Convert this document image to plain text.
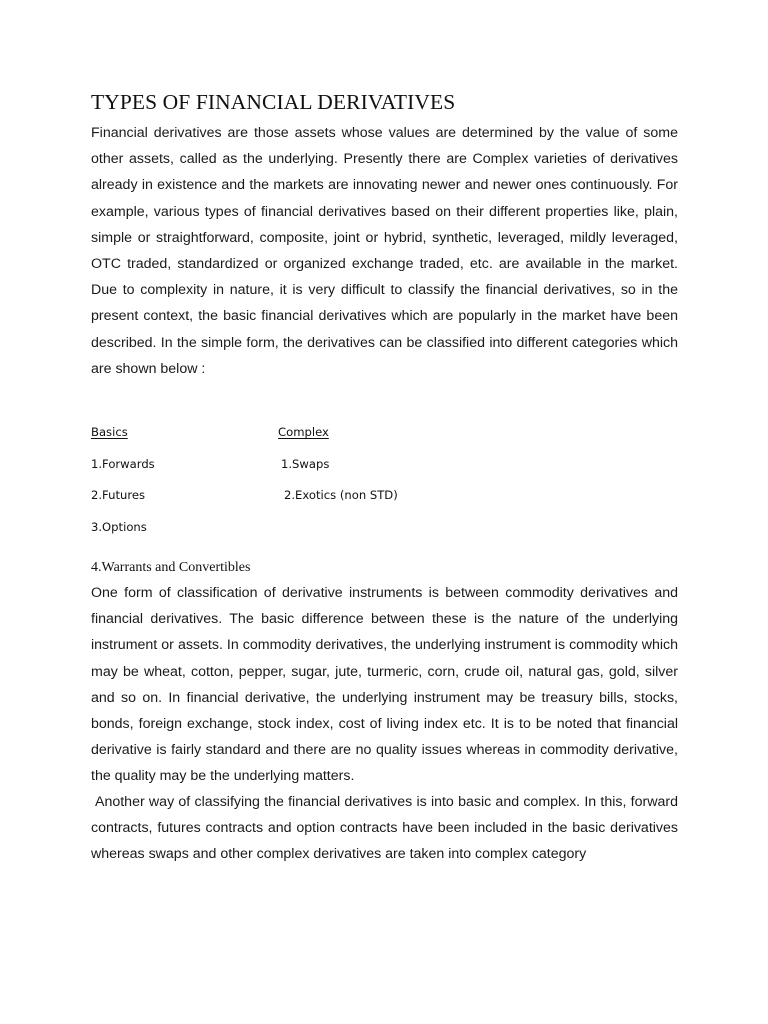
TYPES OF FINANCIAL DERIVATIVES

Financial derivatives are those assets whose values are determined by the value of some other assets, called as the underlying. Presently there are Complex varieties of derivatives already in existence and the markets are innovating newer and newer ones continuously. For example, various types of financial derivatives based on their different properties like, plain, simple or straightforward, composite, joint or hybrid, synthetic, leveraged, mildly leveraged, OTC traded, standardized or organized exchange traded, etc. are available in the market. Due to complexity in nature, it is very difficult to classify the financial derivatives, so in the present context, the basic financial derivatives which are popularly in the market have been described. In the simple form, the derivatives can be classified into different categories which are shown below :

Basics	Complex
1.Forwards	1.Swaps
2.Futures	2.Exotics (non STD)
3.Options
4.Warrants and Convertibles

One form of classification of derivative instruments is between commodity derivatives and financial derivatives. The basic difference between these is the nature of the underlying instrument or assets. In commodity derivatives, the underlying instrument is commodity which may be wheat, cotton, pepper, sugar, jute, turmeric, corn, crude oil, natural gas, gold, silver and so on. In financial derivative, the underlying instrument may be treasury bills, stocks, bonds, foreign exchange, stock index, cost of living index etc. It is to be noted that financial derivative is fairly standard and there are no quality issues whereas in commodity derivative, the quality may be the underlying matters.

Another way of classifying the financial derivatives is into basic and complex. In this, forward contracts, futures contracts and option contracts have been included in the basic derivatives whereas swaps and other complex derivatives are taken into complex category
